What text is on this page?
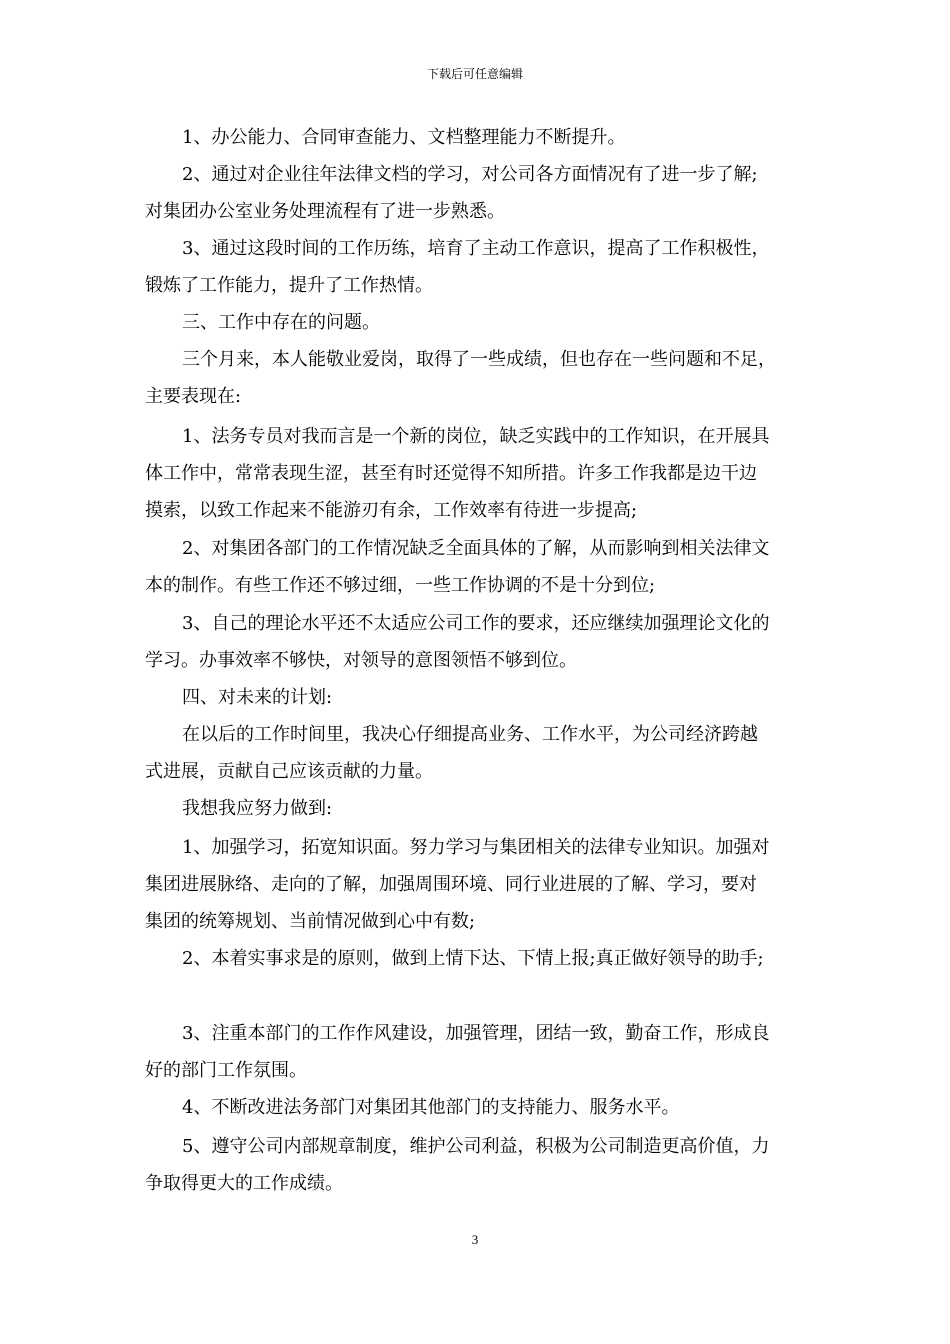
下载后可任意编辑
1、办公能力、合同审查能力、文档整理能力不断提升。
2、通过对企业往年法律文档的学习，对公司各方面情况有了进一步了解;
对集团办公室业务处理流程有了进一步熟悉。
3、通过这段时间的工作历练，培育了主动工作意识，提高了工作积极性，
锻炼了工作能力，提升了工作热情。
三、工作中存在的问题。
三个月来，本人能敬业爱岗，取得了一些成绩，但也存在一些问题和不足，
主要表现在:
1、法务专员对我而言是一个新的岗位，缺乏实践中的工作知识，在开展具
体工作中，常常表现生涩，甚至有时还觉得不知所措。许多工作我都是边干边
摸索，以致工作起来不能游刃有余，工作效率有待进一步提高;
2、对集团各部门的工作情况缺乏全面具体的了解，从而影响到相关法律文
本的制作。有些工作还不够过细，一些工作协调的不是十分到位;
3、自己的理论水平还不太适应公司工作的要求，还应继续加强理论文化的
学习。办事效率不够快，对领导的意图领悟不够到位。
四、对未来的计划:
在以后的工作时间里，我决心仔细提高业务、工作水平，为公司经济跨越
式进展，贡献自己应该贡献的力量。
我想我应努力做到:
1、加强学习，拓宽知识面。努力学习与集团相关的法律专业知识。加强对
集团进展脉络、走向的了解，加强周围环境、同行业进展的了解、学习，要对
集团的统筹规划、当前情况做到心中有数;
2、本着实事求是的原则，做到上情下达、下情上报;真正做好领导的助手;
3、注重本部门的工作作风建设，加强管理，团结一致，勤奋工作，形成良
好的部门工作氛围。
4、不断改进法务部门对集团其他部门的支持能力、服务水平。
5、遵守公司内部规章制度，维护公司利益，积极为公司制造更高价值，力
争取得更大的工作成绩。
3
